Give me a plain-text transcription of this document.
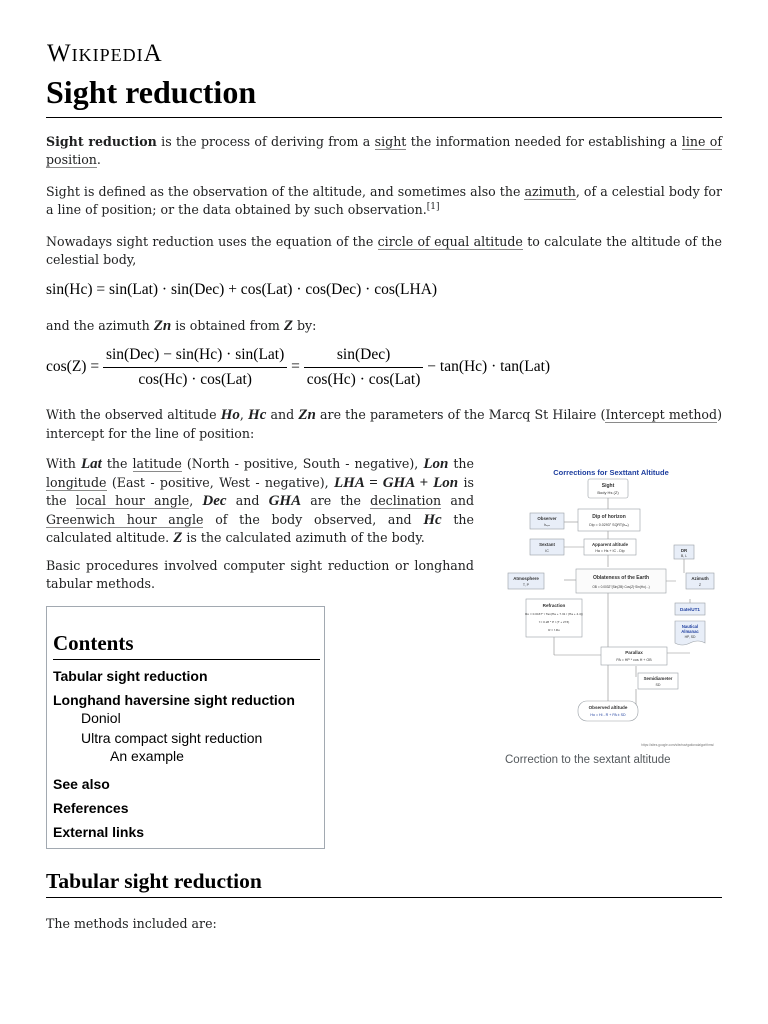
WIKIPEDIA
Sight reduction

Sight reduction is the process of deriving from a sight the information needed for establishing a line of position.

Sight is defined as the observation of the altitude, and sometimes also the azimuth, of a celestial body for a line of position; or the data obtained by such observation.[1]

Nowadays sight reduction uses the equation of the circle of equal altitude to calculate the altitude of the celestial body,

sin(Hc) = sin(Lat) · sin(Dec) + cos(Lat) · cos(Dec) · cos(LHA)

and the azimuth Zn is obtained from Z by:

$\cos(Z) = \frac{\text{sin(Dec) − sin(Hc) · sin(Lat)}}{\text{cos(Hc) · cos(Lat)}} = \frac{\text{sin(Dec)}}{\text{cos(Hc) · cos(Lat)}} - \tan(Hc) \cdot \tan(Lat)$

With the observed altitude Ho, Hc and Zn are the parameters of the Marcq St Hilaire (Intercept method) intercept for the line of position:

With Lat the latitude (North - positive, South - negative), Lon the longitude (East - positive, West - negative), LHA = GHA + Lon is the local hour angle, Dec and GHA are the declination and Greenwich hour angle of the body observed, and Hc the calculated altitude. Z is the calculated azimuth of the body.

Basic procedures involved computer sight reduction or longhand tabular methods.

Contents
Tabular sight reduction
Longhand haversine sight reduction
Doniol
Ultra compact sight reduction
An example
See also
References
External links
Corrections for Sexttant Altitude
Sight
Body Hs (Z)
Dip of horizon
Dip = 0.0293° SQRT(hₘ)
Observer
hₑᵧₑ
Sextant
IC
Apparent altitude
Ha = Hs + IC - Dip	DR
B, L
Atmosphere
T, P
Oblateness of the Earth
OB = 0.0032°(Sin(2B)·Cos(Z)·Sin(Ho)...)
Azimuth
Z
Refraction
Ro = 0.0167° / Tan(Ha + 7.31 / (Ha + 4.4))
f = 0.28 * P / (T + 273)
R = f·Ro
Date/UT1
Nautical
Almanac
HP, SD
Parallax
PA = HP * cos H + OB
Semidiameter
SD
Observed altitude
Ho = Hi - R + PA ± SD
https://sites.google.com/site/navigationalalgorithms/
Correction to the sextant altitude
Tabular sight reduction

The methods included are:
